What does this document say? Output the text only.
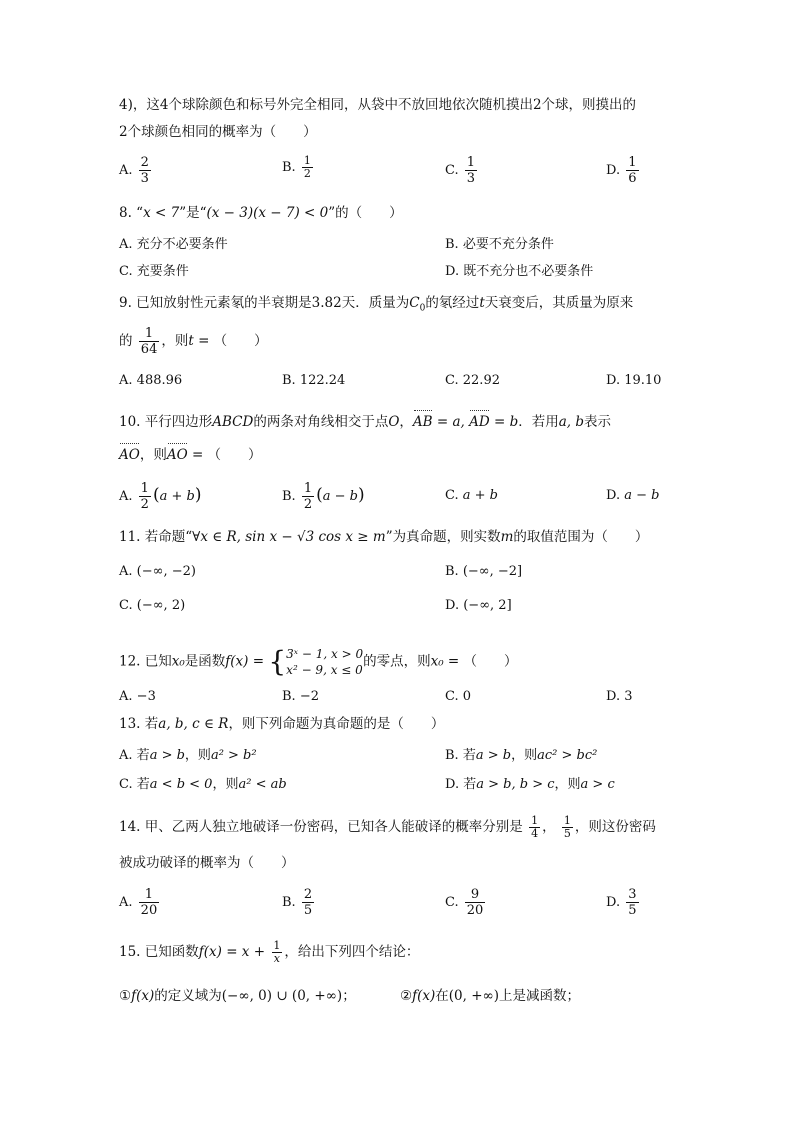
4)，这4个球除颜色和标号外完全相同，从袋中不放回地依次随机摸出2个球，则摸出的
2个球颜色相同的概率为（　　）
A. $\frac{2}{3}$	B. $\frac{1}{2}$	C. $\frac{1}{3}$	D. $\frac{1}{6}$
8. “x < 7”是“(x − 3)(x − 7) < 0”的（　　）
A. 充分不必要条件	B. 必要不充分条件
C. 充要条件	D. 既不充分也不必要条件
9. 已知放射性元素氡的半衰期是3.82天．质量为$C_0$的氡经过t天衰变后，其质量为原来
的 $\frac{1}{64}$ ，则t = （　　）
A. 488.96	B. 122.24	C. 22.92	D. 19.10
10. 平行四边形ABCD的两条对角线相交于点O，AB = a, AD = b．若用a, b表示
AO，则AO = （　　）
A. $\frac{1}{2} (a + b)$	B. $\frac{1}{2} (a - b)$	C. a + b	D. a − b
11. 若命题“∀x ∈ R, sin x − √3 cos x ≥ m”为真命题，则实数m的取值范围为（　　）
A. (−∞, −2)	B. (−∞, −2]
C. (−∞, 2)	D. (−∞, 2]
12. 已知x₀是函数f(x) = { 3ˣ − 1, x > 0
x² − 9, x ≤ 0
的零点，则x₀ = （　　）
A. −3	B. −2	C. 0	D. 3
13. 若a, b, c ∈ R，则下列命题为真命题的是（　　）
A. 若a > b，则a² > b²	B. 若a > b，则ac² > bc²
C. 若a < b < 0，则a² < ab	D. 若a > b, b > c，则a > c
14. 甲、乙两人独立地破译一份密码，已知各人能破译的概率分别是 $\frac{1}{4}$ ， $\frac{1}{5}$ ，则这份密码
被成功破译的概率为（　　）
A. $\frac{1}{20}$	B. $\frac{2}{5}$	C. $\frac{9}{20}$	D. $\frac{3}{5}$
15. 已知函数$f(x) = x + \frac{1}{x}$ ，给出下列四个结论：
①f(x)的定义域为(−∞, 0) ∪ (0, +∞)；	②f(x)在(0, +∞)上是减函数；
